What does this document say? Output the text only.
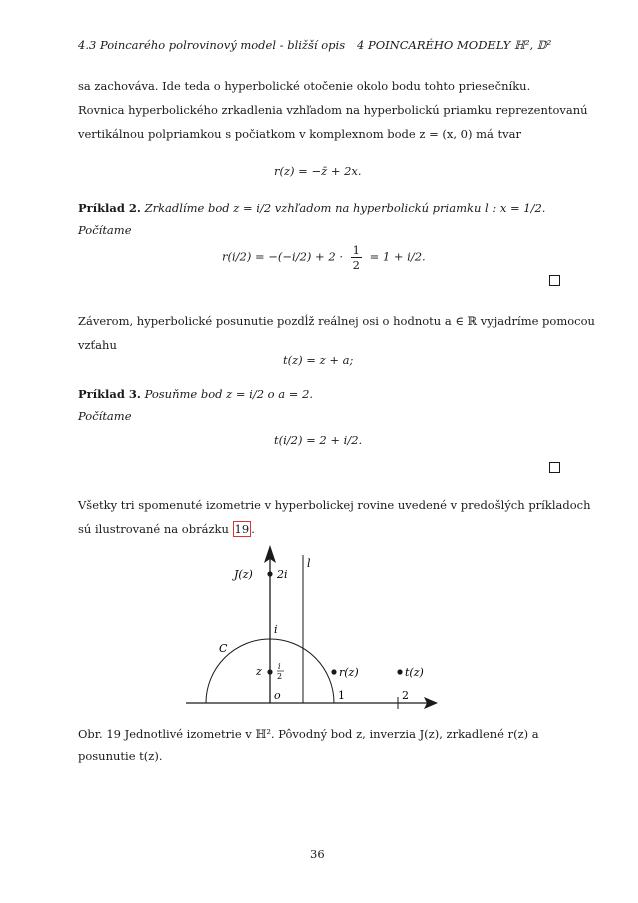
4.3 Poincarého polrovinový model - bližší opis 4 POINCARÉHO MODELY ℍ², 𝔻²
sa zachováva. Ide teda o hyperbolické otočenie okolo bodu tohto priesečníku.
Rovnica hyperbolického zrkadlenia vzhľadom na hyperbolickú priamku reprezentovanú
vertikálnou polpriamkou s počiatkom v komplexnom bode z = (x, 0) má tvar
r(z) = −z̄ + 2x.
Príklad 2. Zrkadlíme bod z = i/2 vzhľadom na hyperbolickú priamku l : x = 1/2.
Počítame
$r(i/2) = -(-i/2) + 2 \cdot \frac{1}{2} = 1 + i/2$.
Záverom, hyperbolické posunutie pozdĺž reálnej osi o hodnotu a ∈ ℝ vyjadríme pomocou
vzťahu
t(z) = z + a;
Príklad 3. Posuňme bod z = i/2 o a = 2.
Počítame
t(i/2) = 2 + i/2.
Všetky tri spomenuté izometrie v hyperbolickej rovine uvedené v predošlých príkladoch
sú ilustrované na obrázku 19 .
l
J(z) 2i
i
C
z i
2	r(z)	t(z)
o	1	2
Obr. 19 Jednotlivé izometrie v ℍ². Pôvodný bod z, inverzia J(z), zrkadlené r(z) a
posunutie t(z).
36
